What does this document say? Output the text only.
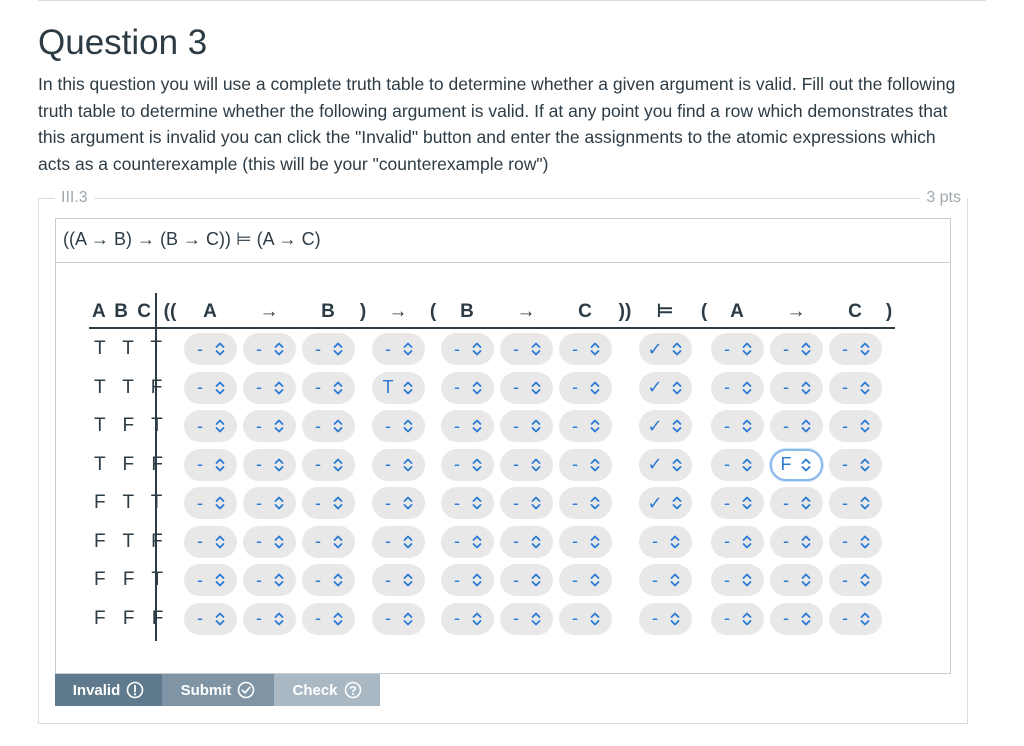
Question 3

In this question you will use a complete truth table to determine whether a given argument is valid. Fill out the following truth table to determine whether the following argument is valid. If at any point you find a row which demonstrates that this argument is invalid you can click the "Invalid" button and enter the assignments to the atomic expressions which acts as a counterexample (this will be your "counterexample row")

III.3	3 pts
((A → B) → (B → C)) ⊨ (A → C)
A B C ((	A	→	B	)	→	(	B	→	C	))	⊨	(	A	→	C	)
T T T -	-	-	-	-	-	-	✓	-	-	-
T T F -	-	-	T	-	-	-	✓	-	-	-
T F T -	-	-	-	-	-	-	✓	-	-	-
T F F -	-	-	-	-	-	-	✓	-	F	-
F T T -	-	-	-	-	-	-	✓	-	-	-
F T F -	-	-	-	-	-	-	-	-	-	-
F F T -	-	-	-	-	-	-	-	-	-	-
F F F -	-	-	-	-	-	-	-	-	-	-
Invalid	Submit	Check
